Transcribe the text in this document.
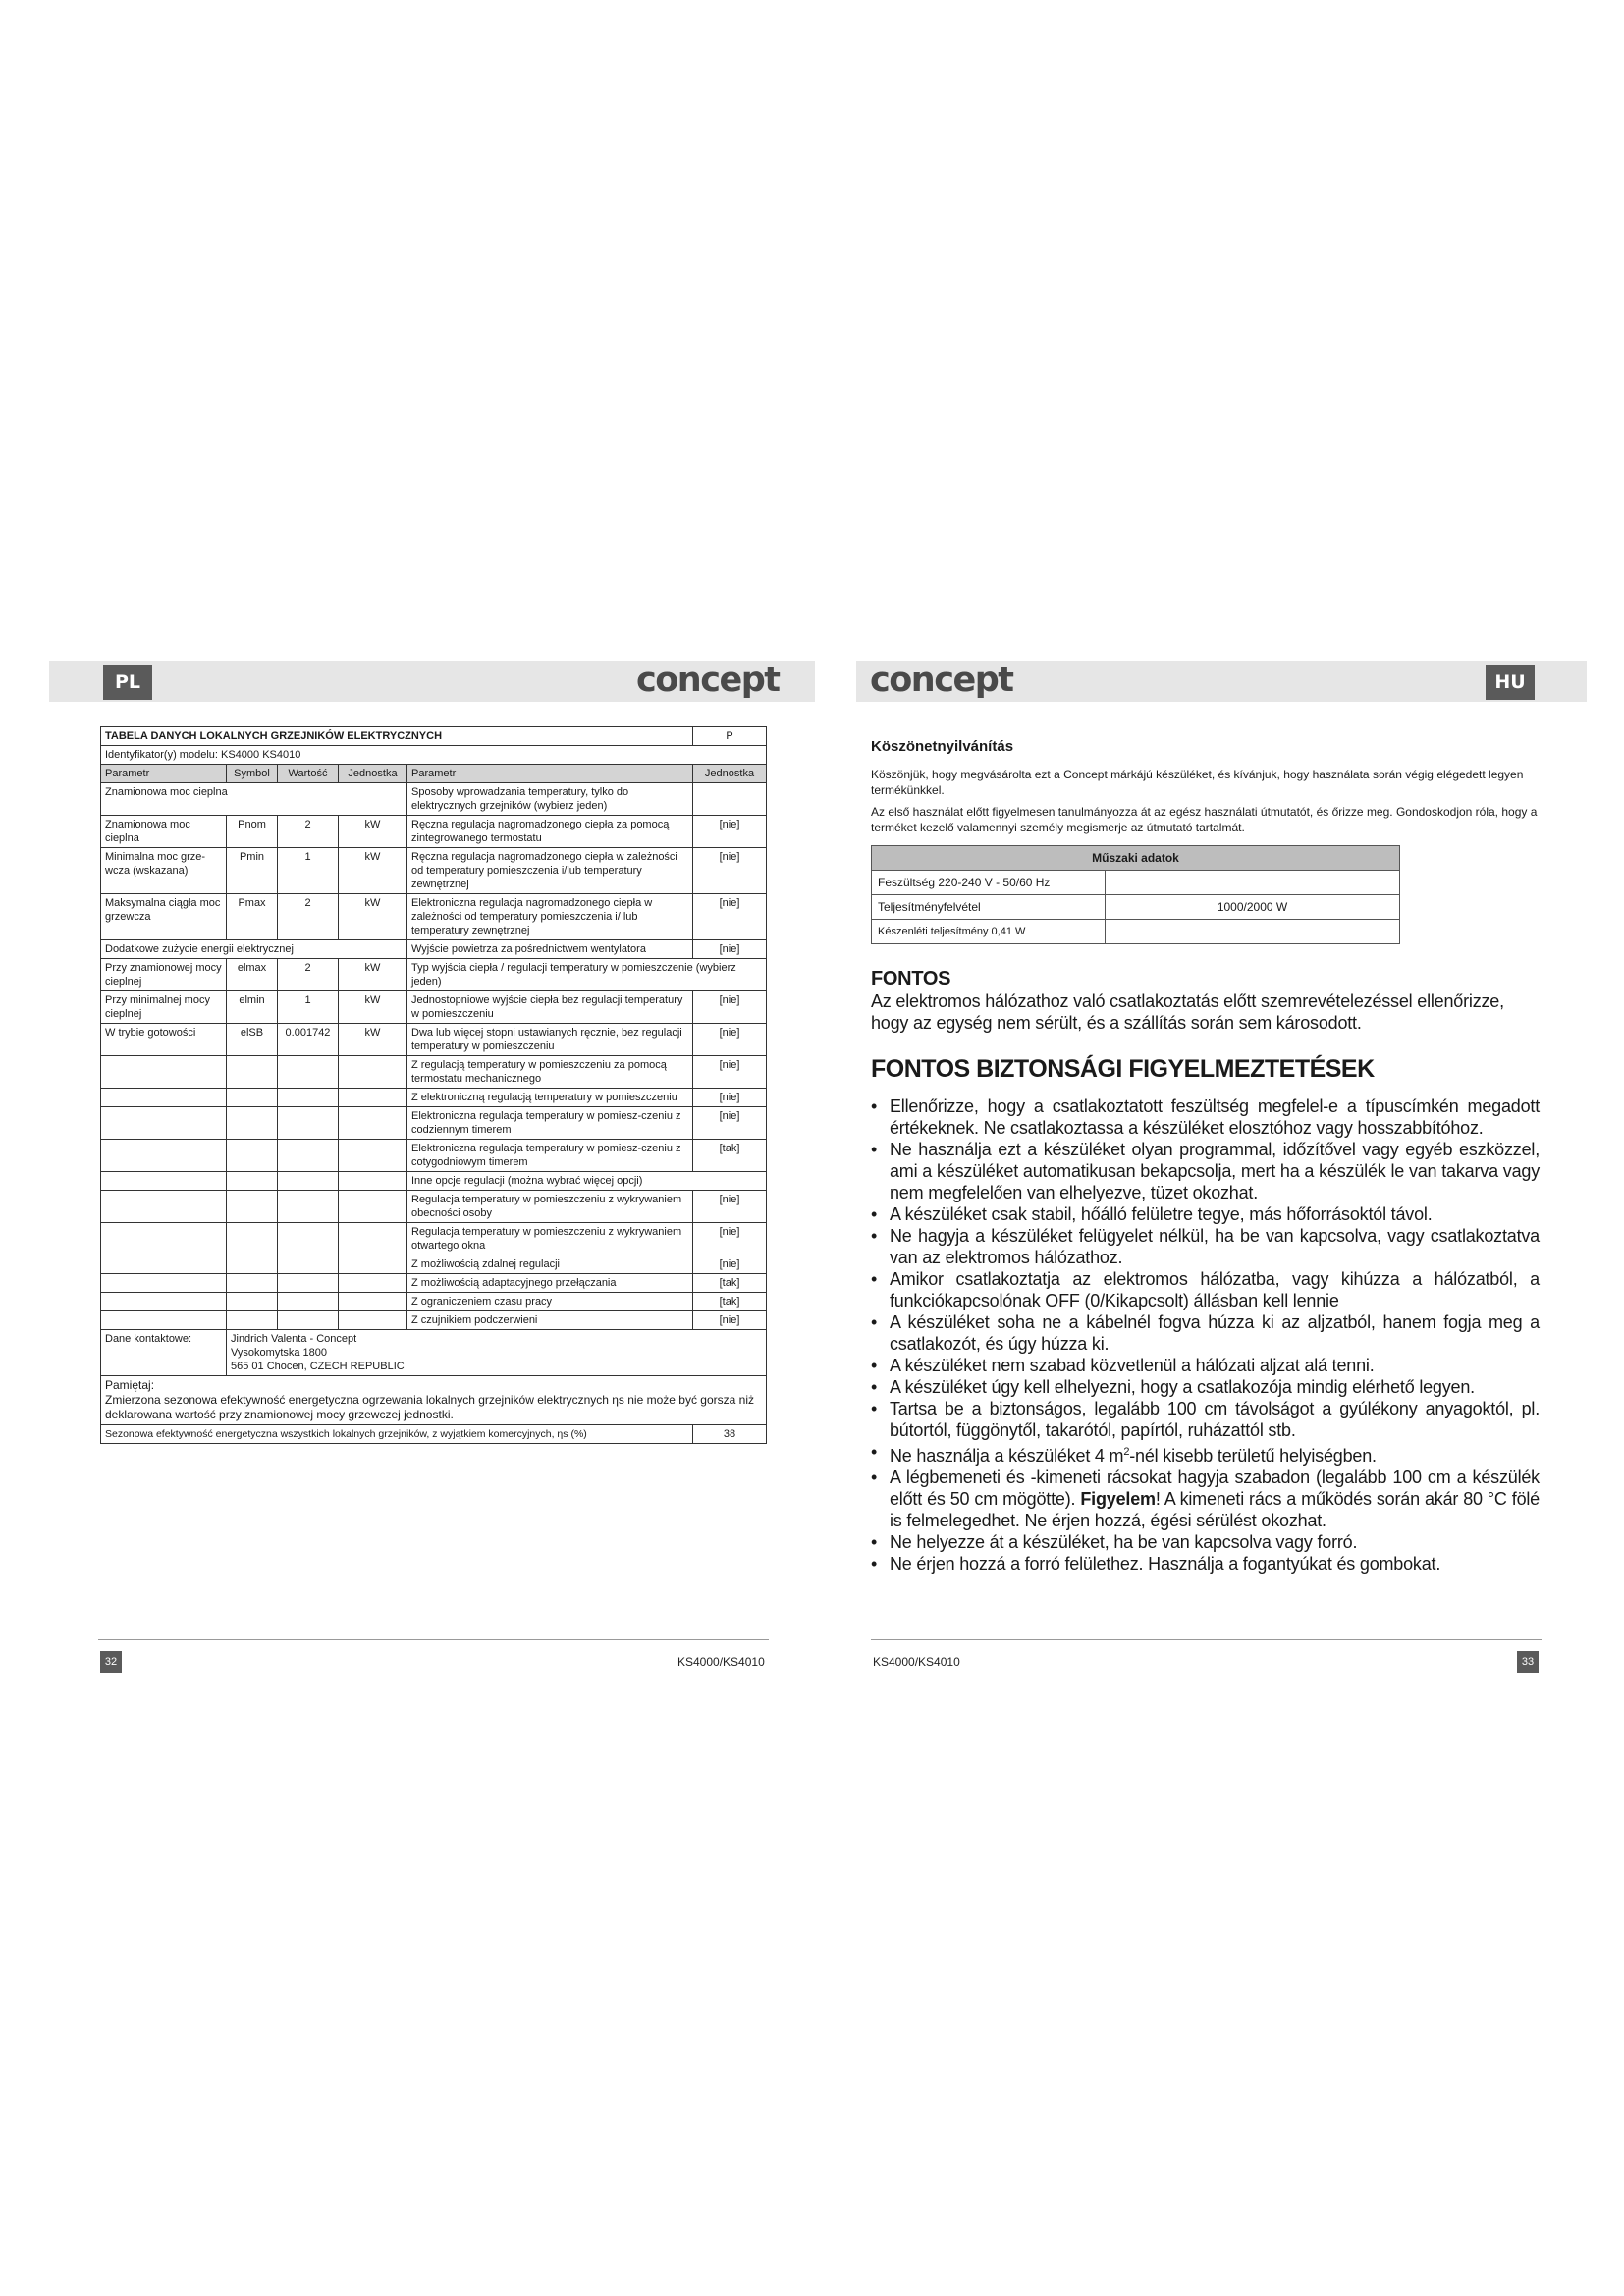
PL	HU
concept	concept
TABELA DANYCH LOKALNYCH GRZEJNIKÓW ELEKTRYCZNYCH					P
Identyfikator(y) modelu: KS4000 KS4010					
Parametr	Symbol	Wartość	Jednostka	Parametr	Jednostka
Znamionowa moc cieplna				Sposoby wprowadzania temperatury, tylko do elektrycznych grzejników (wybierz jeden)	
Znamionowa moc cieplna	Pnom	2	kW	Ręczna regulacja nagromadzonego ciepła za pomocą zintegrowanego termostatu	[nie]
Minimalna moc grze-wcza (wskazana)	Pmin	1	kW	Ręczna regulacja nagromadzonego ciepła w zależności od temperatury pomieszczenia i/lub temperatury zewnętrznej	[nie]
Maksymalna ciągła moc grzewcza	Pmax	2	kW	Elektroniczna regulacja nagromadzonego ciepła w zależności od temperatury pomieszczenia i/ lub temperatury zewnętrznej	[nie]
Dodatkowe zużycie energii elektrycznej				Wyjście powietrza za pośrednictwem wentylatora	[nie]
Przy znamionowej mocy cieplnej	elmax	2	kW	Typ wyjścia ciepła / regulacji temperatury w pomieszczenie (wybierz jeden)	
Przy minimalnej mocy cieplnej	elmin	1	kW	Jednostopniowe wyjście ciepła bez regulacji temperatury w pomieszczeniu	[nie]
W trybie gotowości	elSB	0.001742	kW	Dwa lub więcej stopni ustawianych ręcznie, bez regulacji temperatury w pomieszczeniu	[nie]
				Z regulacją temperatury w pomieszczeniu za pomocą termostatu mechanicznego	[nie]
				Z elektroniczną regulacją temperatury w pomieszczeniu	[nie]
				Elektroniczna regulacja temperatury w pomiesz-czeniu z codziennym timerem	[nie]
				Elektroniczna regulacja temperatury w pomiesz-czeniu z cotygodniowym timerem	[tak]
				Inne opcje regulacji (można wybrać więcej opcji)	
				Regulacja temperatury w pomieszczeniu z wykrywaniem obecności osoby	[nie]
				Regulacja temperatury w pomieszczeniu z wykrywaniem otwartego okna	[nie]
				Z możliwością zdalnej regulacji	[nie]
				Z możliwością adaptacyjnego przełączania	[tak]
				Z ograniczeniem czasu pracy	[tak]
				Z czujnikiem podczerwieni	[nie]
Dane kontaktowe:	Jindrich Valenta - Concept
Vysokomytska 1800
565 01 Chocen, CZECH REPUBLIC				

Pamiętaj:
Zmierzona sezonowa efektywność energetyczna ogrzewania lokalnych grzejników elektrycznych ηs nie może być gorsza niż deklarowana wartość przy znamionowej mocy grzewczej jednostki.					

Sezonowa efektywność energetyczna wszystkich lokalnych grzejników, z wyjątkiem komercyjnych, ηs (%)					38
Köszönetnyilvánítás

Köszönjük, hogy megvásárolta ezt a Concept márkájú készüléket, és kívánjuk, hogy használata során végig elégedett legyen termékünkkel.

Az első használat előtt figyelmesen tanulmányozza át az egész használati útmutatót, és őrizze meg. Gondoskodjon róla, hogy a terméket kezelő valamennyi személy megismerje az útmutató tartalmát.

Műszaki adatok	
Feszültség 220-240 V - 50/60 Hz	
Teljesítményfelvétel	1000/2000 W
Készenléti teljesítmény 0,41 W	
FONTOS

Az elektromos hálózathoz való csatlakoztatás előtt szemrevételezéssel ellenőrizze, hogy az egység nem sérült, és a szállítás során sem károsodott.

FONTOS BIZTONSÁGI FIGYELMEZTETÉSEK
• Ellenőrizze, hogy a csatlakoztatott feszültség megfelel-e a típuscímkén megadott értékeknek. Ne csatlakoztassa a készüléket elosztóhoz vagy hosszabbítóhoz.
• Ne használja ezt a készüléket olyan programmal, időzítővel vagy egyéb eszközzel, ami a készüléket automatikusan bekapcsolja, mert ha a készülék le van takarva vagy nem megfelelően van elhelyezve, tüzet okozhat.
• A készüléket csak stabil, hőálló felületre tegye, más hőforrásoktól távol.
• Ne hagyja a készüléket felügyelet nélkül, ha be van kapcsolva, vagy csatlakoztatva van az elektromos hálózathoz.
• Amikor csatlakoztatja az elektromos hálózatba, vagy kihúzza a hálózatból, a funkciókapcsolónak OFF (0/Kikapcsolt) állásban kell lennie
• A készüléket soha ne a kábelnél fogva húzza ki az aljzatból, hanem fogja meg a csatlakozót, és úgy húzza ki.
• A készüléket nem szabad közvetlenül a hálózati aljzat alá tenni.
• A készüléket úgy kell elhelyezni, hogy a csatlakozója mindig elérhető legyen.
• Tartsa be a biztonságos, legalább 100 cm távolságot a gyúlékony anyagoktól, pl. bútortól, függönytől, takarótól, papírtól, ruházattól stb.
• Ne használja a készüléket 4 $m^2$-nél kisebb területű helyiségben.
• A légbemeneti és -kimeneti rácsokat hagyja szabadon (legalább 100 cm a készülék előtt és 50 cm mögötte). Figyelem! A kimeneti rács a működés során akár 80 °C fölé is felmelegedhet. Ne érjen hozzá, égési sérülést okozhat.
• Ne helyezze át a készüléket, ha be van kapcsolva vagy forró.
• Ne érjen hozzá a forró felülethez. Használja a fogantyúkat és gombokat.
32	33
KS4000/KS4010	KS4000/KS4010
